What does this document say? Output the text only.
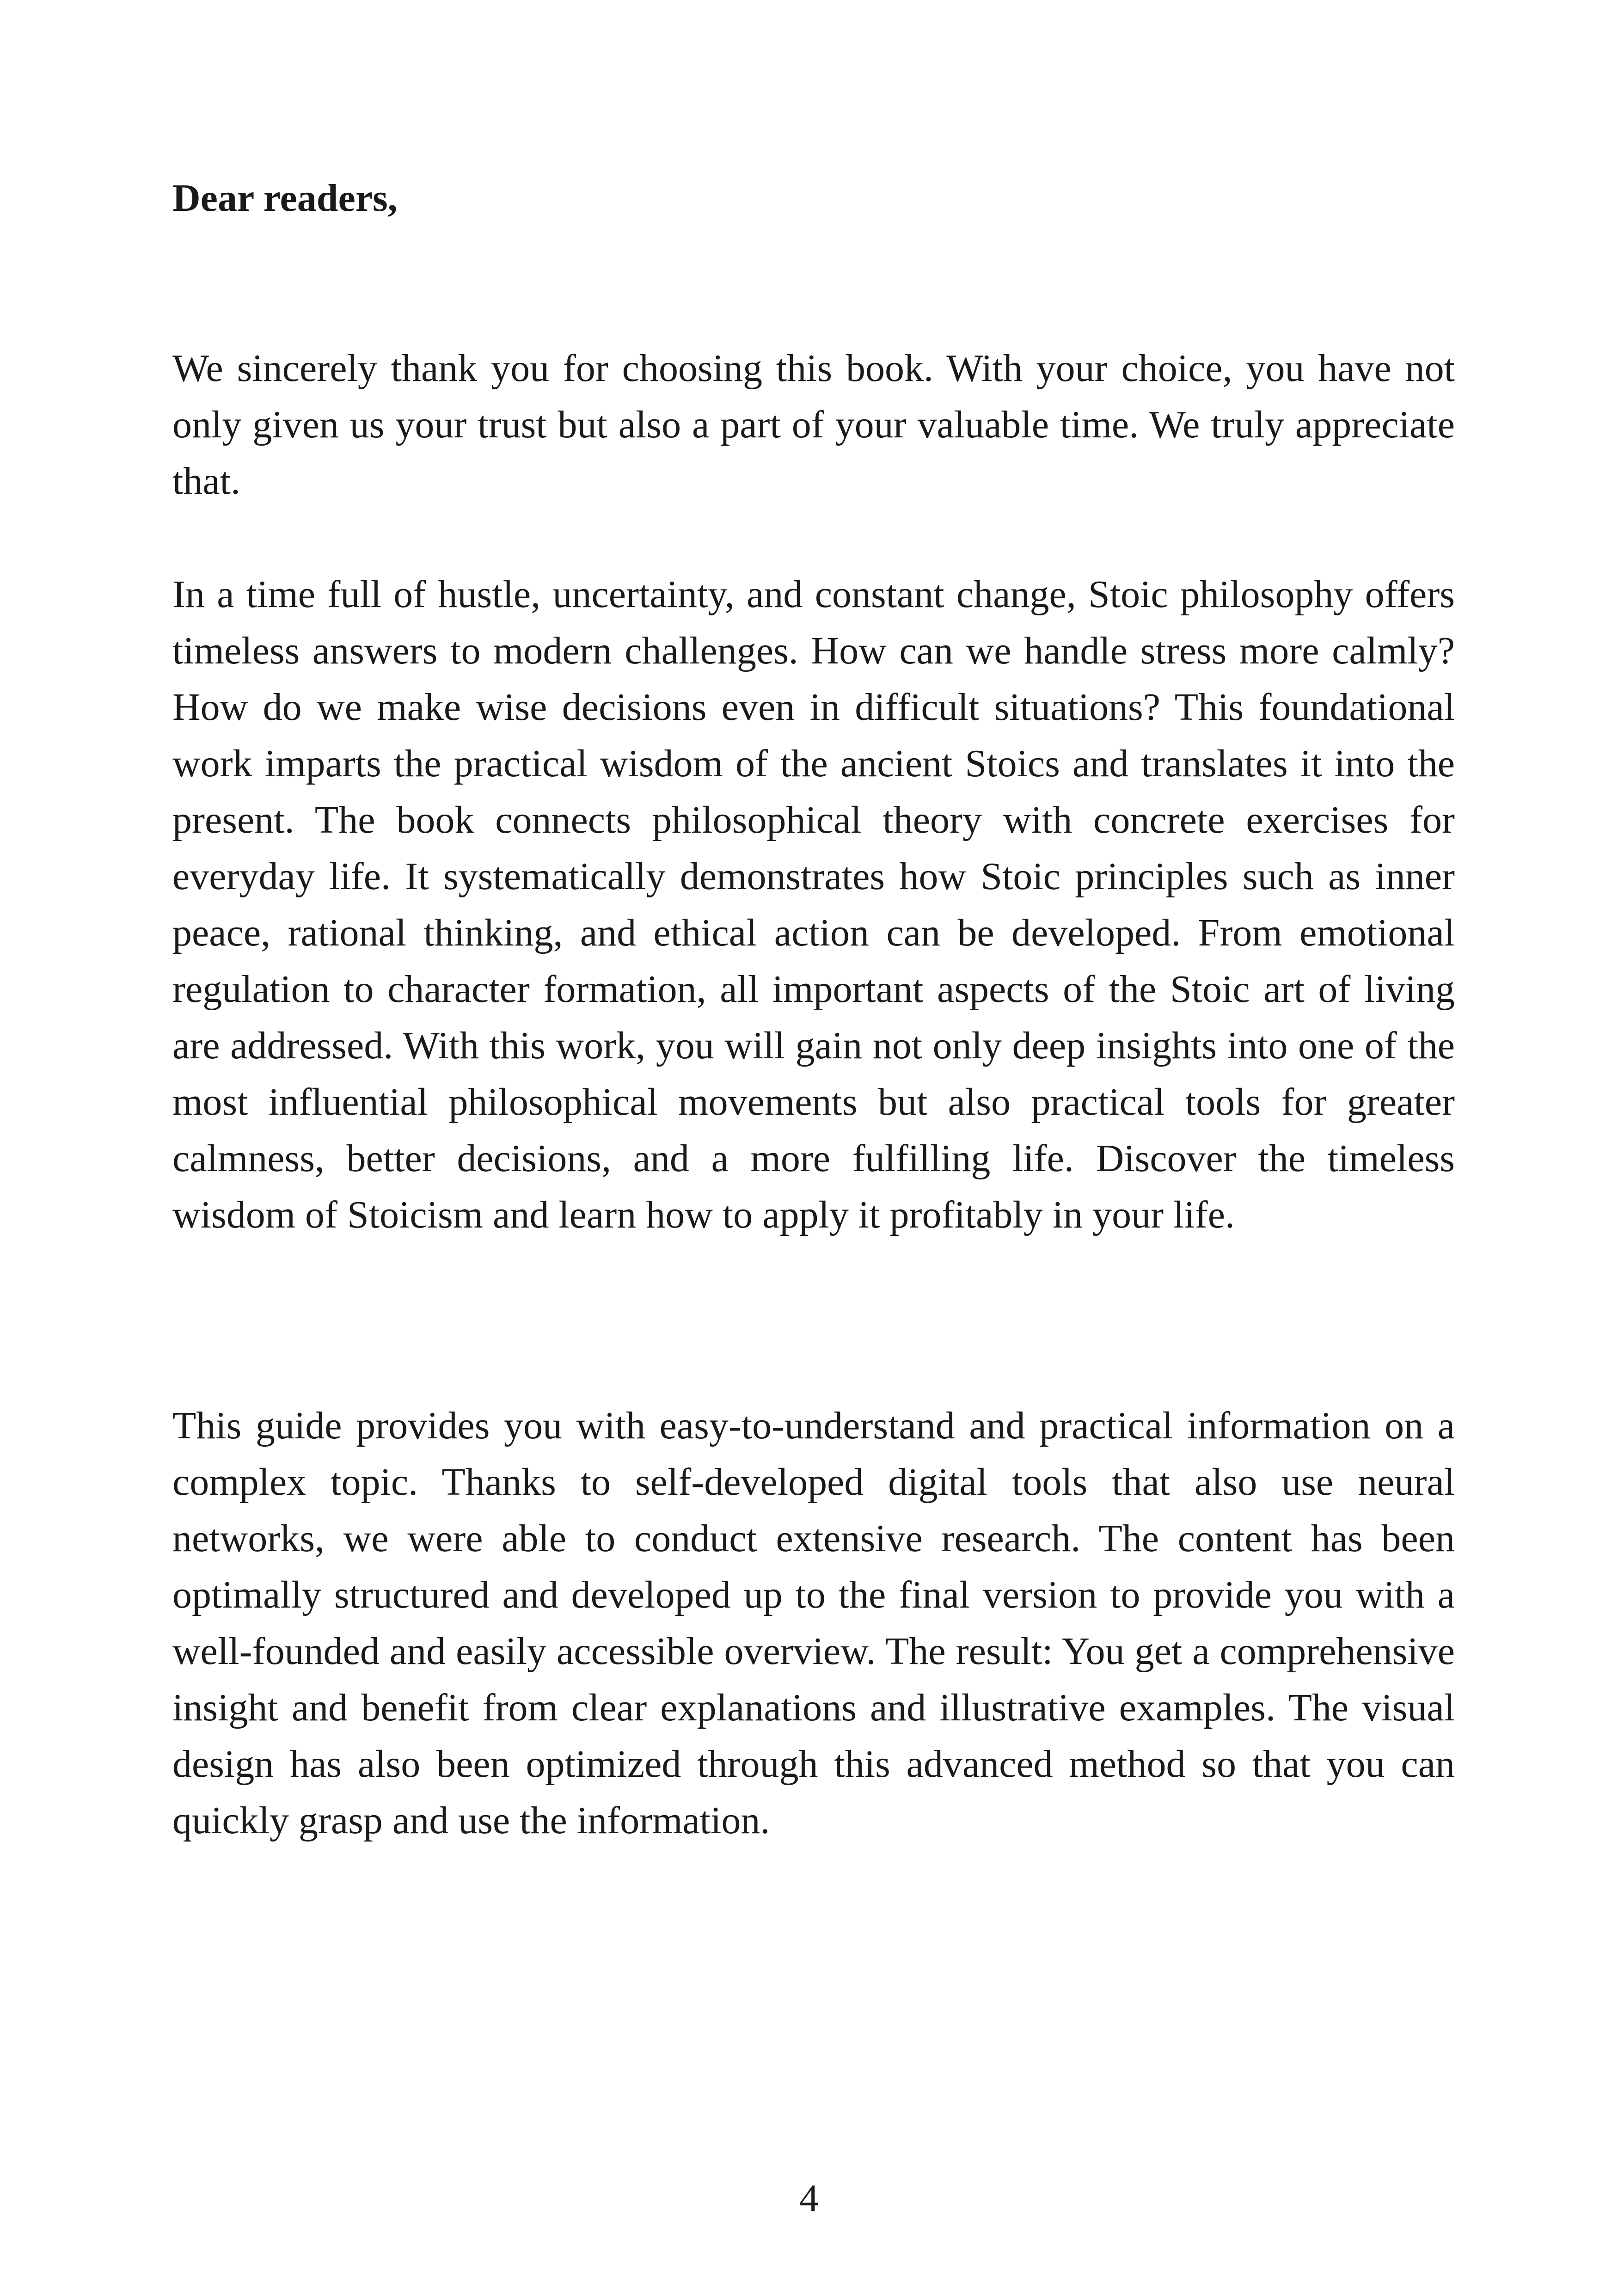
Dear readers,

We sincerely thank you for choosing this book. With your choice, you have not only given us your trust but also a part of your valuable time. We truly appreciate that.

In a time full of hustle, uncertainty, and constant change, Stoic philosophy offers timeless answers to modern challenges. How can we handle stress more calmly? How do we make wise decisions even in difficult situations? This foundational work imparts the practical wisdom of the ancient Stoics and translates it into the present. The book connects philosophical theory with concrete exercises for everyday life. It systematically demonstrates how Stoic principles such as inner peace, rational thinking, and ethical action can be developed. From emotional regulation to character formation, all important aspects of the Stoic art of living are addressed. With this work, you will gain not only deep insights into one of the most influential philosophical movements but also practical tools for greater calmness, better decisions, and a more fulfilling life. Discover the timeless wisdom of Stoicism and learn how to apply it profitably in your life.

This guide provides you with easy-to-understand and practical information on a complex topic. Thanks to self-developed digital tools that also use neural networks, we were able to conduct extensive research. The content has been optimally structured and developed up to the final version to provide you with a well-founded and easily accessible overview. The result: You get a comprehensive insight and benefit from clear explanations and illustrative examples. The visual design has also been optimized through this advanced method so that you can quickly grasp and use the information.

4
